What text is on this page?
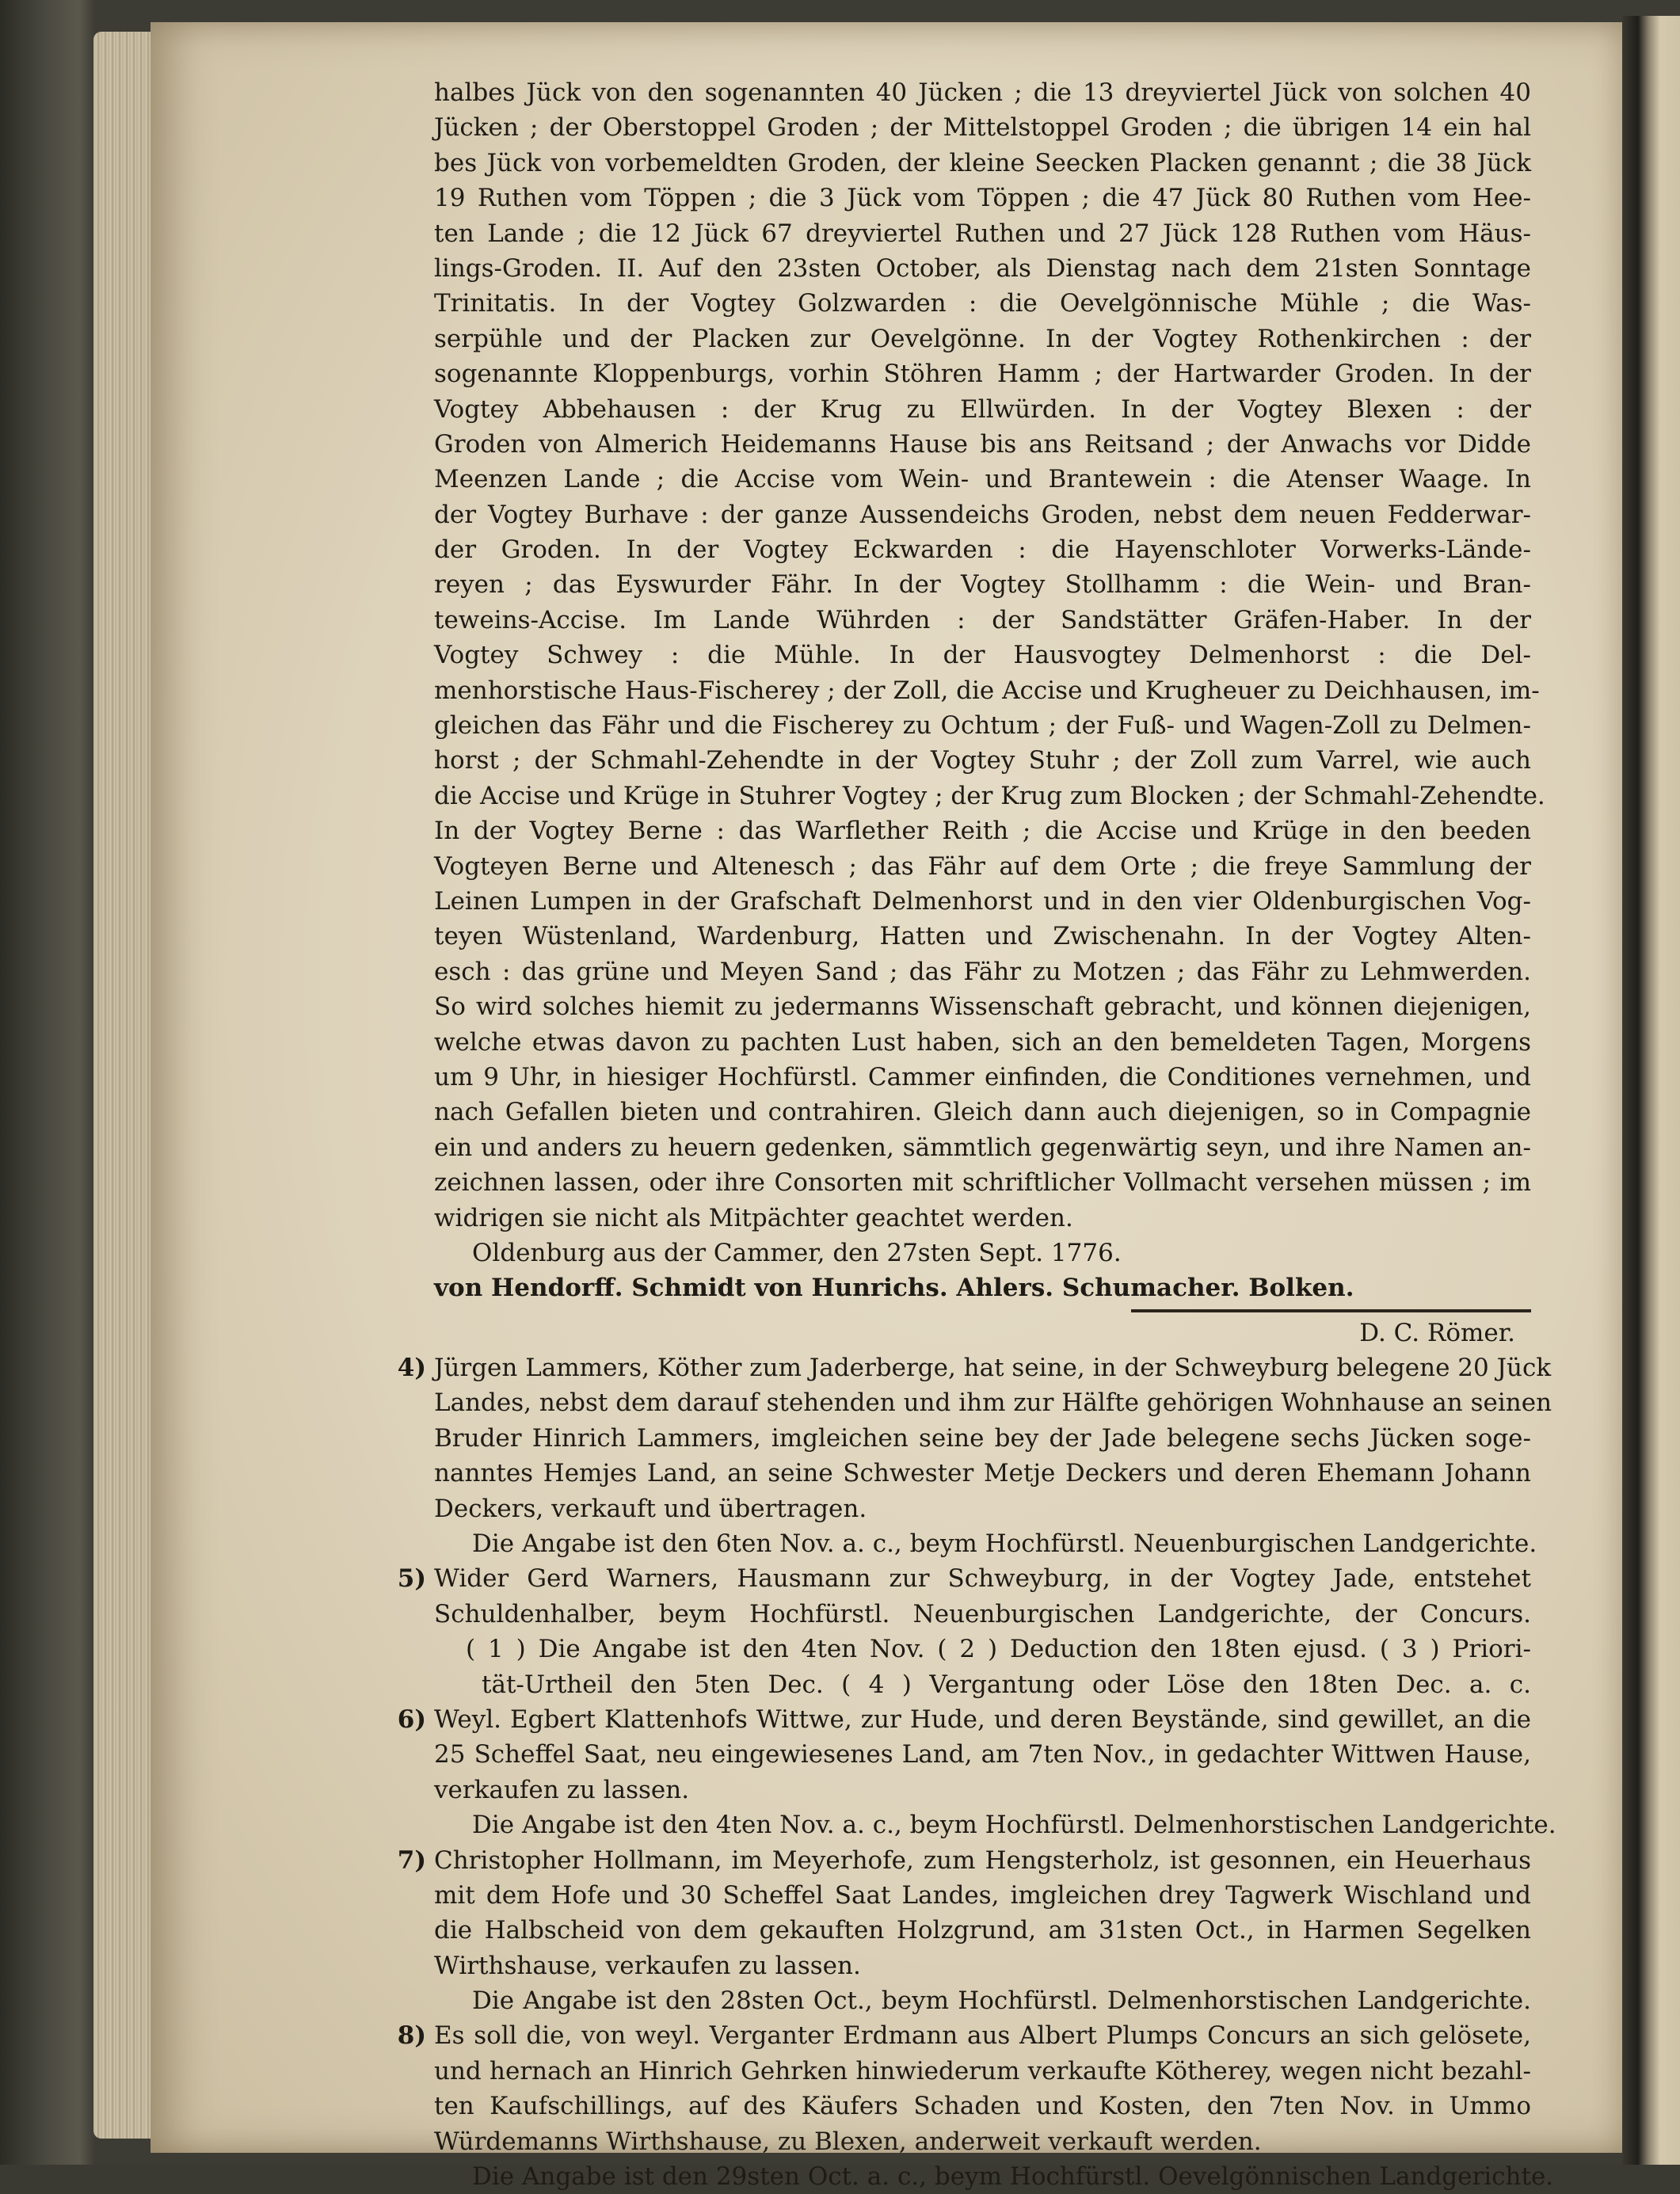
halbes Jück von den sogenannten 40 Jücken ; die 13 dreyviertel Jück von solchen 40
Jücken ; der Oberstoppel Groden ; der Mittelstoppel Groden ; die übrigen 14 ein hal
bes Jück von vorbemeldten Groden, der kleine Seecken Placken genannt ; die 38 Jück
19 Ruthen vom Töppen ; die 3 Jück vom Töppen ; die 47 Jück 80 Ruthen vom Hee-
ten Lande ; die 12 Jück 67 dreyviertel Ruthen und 27 Jück 128 Ruthen vom Häus-
lings-Groden. II. Auf den 23sten October, als Dienstag nach dem 21sten Sonntage
Trinitatis. In der Vogtey Golzwarden : die Oevelgönnische Mühle ; die Was-
serpühle und der Placken zur Oevelgönne. In der Vogtey Rothenkirchen : der
sogenannte Kloppenburgs, vorhin Stöhren Hamm ; der Hartwarder Groden. In der
Vogtey Abbehausen : der Krug zu Ellwürden. In der Vogtey Blexen : der
Groden von Almerich Heidemanns Hause bis ans Reitsand ; der Anwachs vor Didde
Meenzen Lande ; die Accise vom Wein- und Brantewein : die Atenser Waage. In
der Vogtey Burhave : der ganze Aussendeichs Groden, nebst dem neuen Fedderwar-
der Groden. In der Vogtey Eckwarden : die Hayenschloter Vorwerks-Lände-
reyen ; das Eyswurder Fähr. In der Vogtey Stollhamm : die Wein- und Bran-
teweins-Accise. Im Lande Wührden : der Sandstätter Gräfen-Haber. In der
Vogtey Schwey : die Mühle. In der Hausvogtey Delmenhorst : die Del-
menhorstische Haus-Fischerey ; der Zoll, die Accise und Krugheuer zu Deichhausen, im-
gleichen das Fähr und die Fischerey zu Ochtum ; der Fuß- und Wagen-Zoll zu Delmen-
horst ; der Schmahl-Zehendte in der Vogtey Stuhr ; der Zoll zum Varrel, wie auch
die Accise und Krüge in Stuhrer Vogtey ; der Krug zum Blocken ; der Schmahl-Zehendte.
In der Vogtey Berne : das Warflether Reith ; die Accise und Krüge in den beeden
Vogteyen Berne und Altenesch ; das Fähr auf dem Orte ; die freye Sammlung der
Leinen Lumpen in der Grafschaft Delmenhorst und in den vier Oldenburgischen Vog-
teyen Wüstenland, Wardenburg, Hatten und Zwischenahn. In der Vogtey Alten-
esch : das grüne und Meyen Sand ; das Fähr zu Motzen ; das Fähr zu Lehmwerden.
So wird solches hiemit zu jedermanns Wissenschaft gebracht, und können diejenigen,
welche etwas davon zu pachten Lust haben, sich an den bemeldeten Tagen, Morgens
um 9 Uhr, in hiesiger Hochfürstl. Cammer einfinden, die Conditiones vernehmen, und
nach Gefallen bieten und contrahiren. Gleich dann auch diejenigen, so in Compagnie
ein und anders zu heuern gedenken, sämmtlich gegenwärtig seyn, und ihre Namen an-
zeichnen lassen, oder ihre Consorten mit schriftlicher Vollmacht versehen müssen ; im
widrigen sie nicht als Mitpächter geachtet werden.
Oldenburg aus der Cammer, den 27sten Sept. 1776.
von Hendorff. Schmidt von Hunrichs. Ahlers. Schumacher. Bolken.
D. C. Römer.
4) Jürgen Lammers, Köther zum Jaderberge, hat seine, in der Schweyburg belegene 20 Jück
Landes, nebst dem darauf stehenden und ihm zur Hälfte gehörigen Wohnhause an seinen
Bruder Hinrich Lammers, imgleichen seine bey der Jade belegene sechs Jücken soge-
nanntes Hemjes Land, an seine Schwester Metje Deckers und deren Ehemann Johann
Deckers, verkauft und übertragen.
Die Angabe ist den 6ten Nov. a. c., beym Hochfürstl. Neuenburgischen Landgerichte.
5) Wider Gerd Warners, Hausmann zur Schweyburg, in der Vogtey Jade, entstehet
Schuldenhalber, beym Hochfürstl. Neuenburgischen Landgerichte, der Concurs.
( 1 ) Die Angabe ist den 4ten Nov. ( 2 ) Deduction den 18ten ejusd. ( 3 ) Priori-
tät-Urtheil den 5ten Dec. ( 4 ) Vergantung oder Löse den 18ten Dec. a. c.
6) Weyl. Egbert Klattenhofs Wittwe, zur Hude, und deren Beystände, sind gewillet, an die
25 Scheffel Saat, neu eingewiesenes Land, am 7ten Nov., in gedachter Wittwen Hause,
verkaufen zu lassen.
Die Angabe ist den 4ten Nov. a. c., beym Hochfürstl. Delmenhorstischen Landgerichte.
7) Christopher Hollmann, im Meyerhofe, zum Hengsterholz, ist gesonnen, ein Heuerhaus
mit dem Hofe und 30 Scheffel Saat Landes, imgleichen drey Tagwerk Wischland und
die Halbscheid von dem gekauften Holzgrund, am 31sten Oct., in Harmen Segelken
Wirthshause, verkaufen zu lassen.
Die Angabe ist den 28sten Oct., beym Hochfürstl. Delmenhorstischen Landgerichte.
8) Es soll die, von weyl. Verganter Erdmann aus Albert Plumps Concurs an sich gelösete,
und hernach an Hinrich Gehrken hinwiederum verkaufte Kötherey, wegen nicht bezahl-
ten Kaufschillings, auf des Käufers Schaden und Kosten, den 7ten Nov. in Ummo
Würdemanns Wirthshause, zu Blexen, anderweit verkauft werden.
Die Angabe ist den 29sten Oct. a. c., beym Hochfürstl. Oevelgönnischen Landgerichte.
